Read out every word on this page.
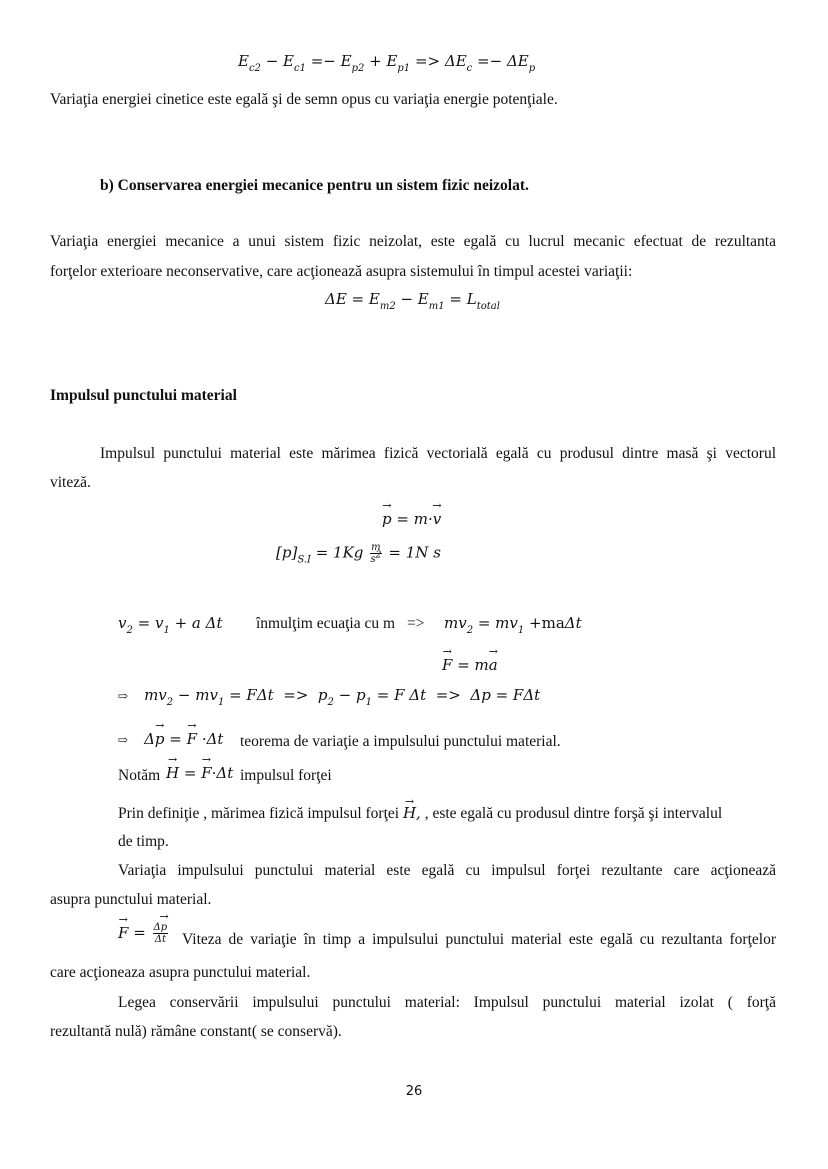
$E_{c2} - E_{c1} =- E_{p2} + E_{p1} => \Delta E_c =- \Delta E_p$
Variaţia energiei cinetice este egală şi de semn opus cu variaţia energie potenţiale.
b) Conservarea energiei mecanice pentru un sistem fizic neizolat.
Variaţia energiei mecanice a unui sistem fizic neizolat, este egală cu lucrul mecanic efectuat de rezultanta
forţelor exterioare neconservative, care acţionează asupra sistemului în timpul acestei variaţii:
$\Delta E = E_{m2} - E_{m1} = L_{total}$
Impulsul punctului material
Impulsul punctului material este mărimea fizică vectorială egală cu produsul dintre masă şi vectorul
viteză.
→ p = m·→ v
$[p]_{S.I} = 1Kg \frac{m}{s^2} = 1N$ s
$v_2 = v_1 + a$ Δt înmulţim ecuaţia cu $m => mv_2 = mv_1 +ma\Delta t$
→ F = m→ a
⇨ $mv_2 - mv_1 = F\Delta t => p_2 - p_1 = F$ Δt  =>  Δp = FΔt
⇨ Δ→ p = → F ·Δt teorema de variaţie a impulsului punctului material.
Notăm → H = → F·Δt impulsul forţei
Prin definiţie , mărimea fizică impulsul forţei → H, , este egală cu produsul dintre forşă şi intervalul
de timp.
Variaţia impulsului punctului material este egală cu impulsul forţei rezultante care acţionează
asupra punctului material.
→ $F = \frac{\Delta\to p}{\Delta t}$ Viteza de variaţie în timp a impulsului punctului material este egală cu rezultanta forţelor
care acţioneaza asupra punctului material.
Legea conservării impulsului punctului material: Impulsul punctului material izolat ( forţă
rezultantă nulă) rămâne constant( se conservă).
26
